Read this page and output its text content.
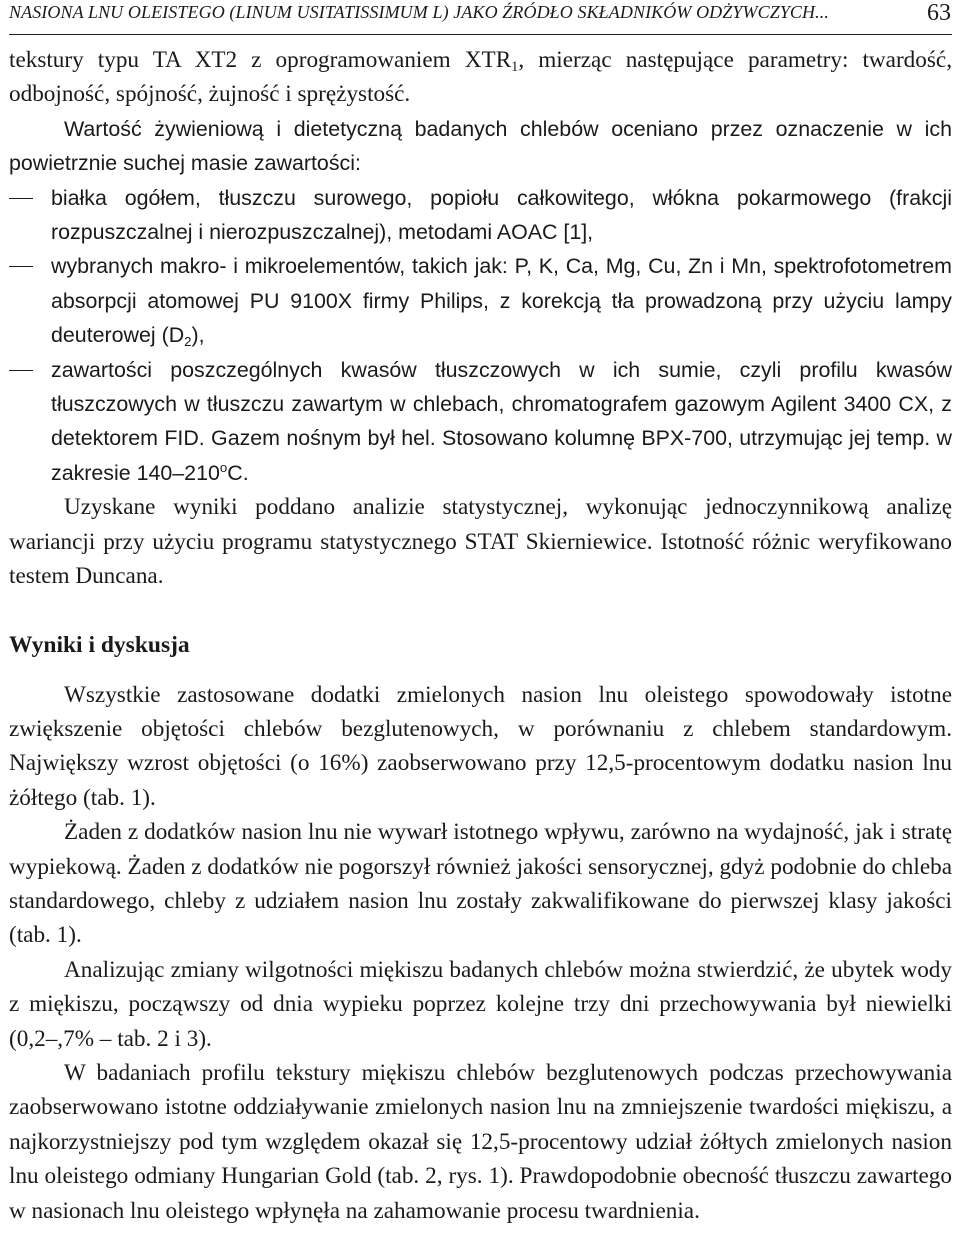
NASIONA LNU OLEISTEGO (LINUM USITATISSIMUM L) JAKO ŹRÓDŁO SKŁADNIKÓW ODŻYWCZYCH...	63

tekstury typu TA XT2 z oprogramowaniem $XTR_1$, mierząc następujące parametry: twardość, odbojność, spójność, żujność i sprężystość.

Wartość żywieniową i dietetyczną badanych chlebów oceniano przez oznaczenie w ich powietrznie suchej masie zawartości:

białka ogółem, tłuszczu surowego, popiołu całkowitego, włókna pokarmowego (frakcji rozpuszczalnej i nierozpuszczalnej), metodami AOAC [1],
wybranych makro- i mikroelementów, takich jak: P, K, Ca, Mg, Cu, Zn i Mn, spektrofotometrem absorpcji atomowej PU 9100X firmy Philips, z korekcją tła prowadzoną przy użyciu lampy deuterowej $(D_2)$,
zawartości poszczególnych kwasów tłuszczowych w ich sumie, czyli profilu kwasów tłuszczowych w tłuszczu zawartym w chlebach, chromatografem gazowym Agilent 3400 CX, z detektorem FID. Gazem nośnym był hel. Stosowano kolumnę BPX-700, utrzymując jej temp. w zakresie 140–210$^o$C.

Uzyskane wyniki poddano analizie statystycznej, wykonując jednoczynnikową analizę wariancji przy użyciu programu statystycznego STAT Skierniewice. Istotność różnic weryfikowano testem Duncana.

Wyniki i dyskusja

Wszystkie zastosowane dodatki zmielonych nasion lnu oleistego spowodowały istotne zwiększenie objętości chlebów bezglutenowych, w porównaniu z chlebem standardowym. Największy wzrost objętości (o 16%) zaobserwowano przy 12,5-procentowym dodatku nasion lnu żółtego (tab. 1).

Żaden z dodatków nasion lnu nie wywarł istotnego wpływu, zarówno na wydajność, jak i stratę wypiekową. Żaden z dodatków nie pogorszył również jakości sensorycznej, gdyż podobnie do chleba standardowego, chleby z udziałem nasion lnu zostały zakwalifikowane do pierwszej klasy jakości (tab. 1).

Analizując zmiany wilgotności miękiszu badanych chlebów można stwierdzić, że ubytek wody z miękiszu, począwszy od dnia wypieku poprzez kolejne trzy dni przechowywania był niewielki (0,2–,7% – tab. 2 i 3).

W badaniach profilu tekstury miękiszu chlebów bezglutenowych podczas przechowywania zaobserwowano istotne oddziaływanie zmielonych nasion lnu na zmniejszenie twardości miękiszu, a najkorzystniejszy pod tym względem okazał się 12,5-procentowy udział żółtych zmielonych nasion lnu oleistego odmiany Hungarian Gold (tab. 2, rys. 1). Prawdopodobnie obecność tłuszczu zawartego w nasionach lnu oleistego wpłynęła na zahamowanie procesu twardnienia.
